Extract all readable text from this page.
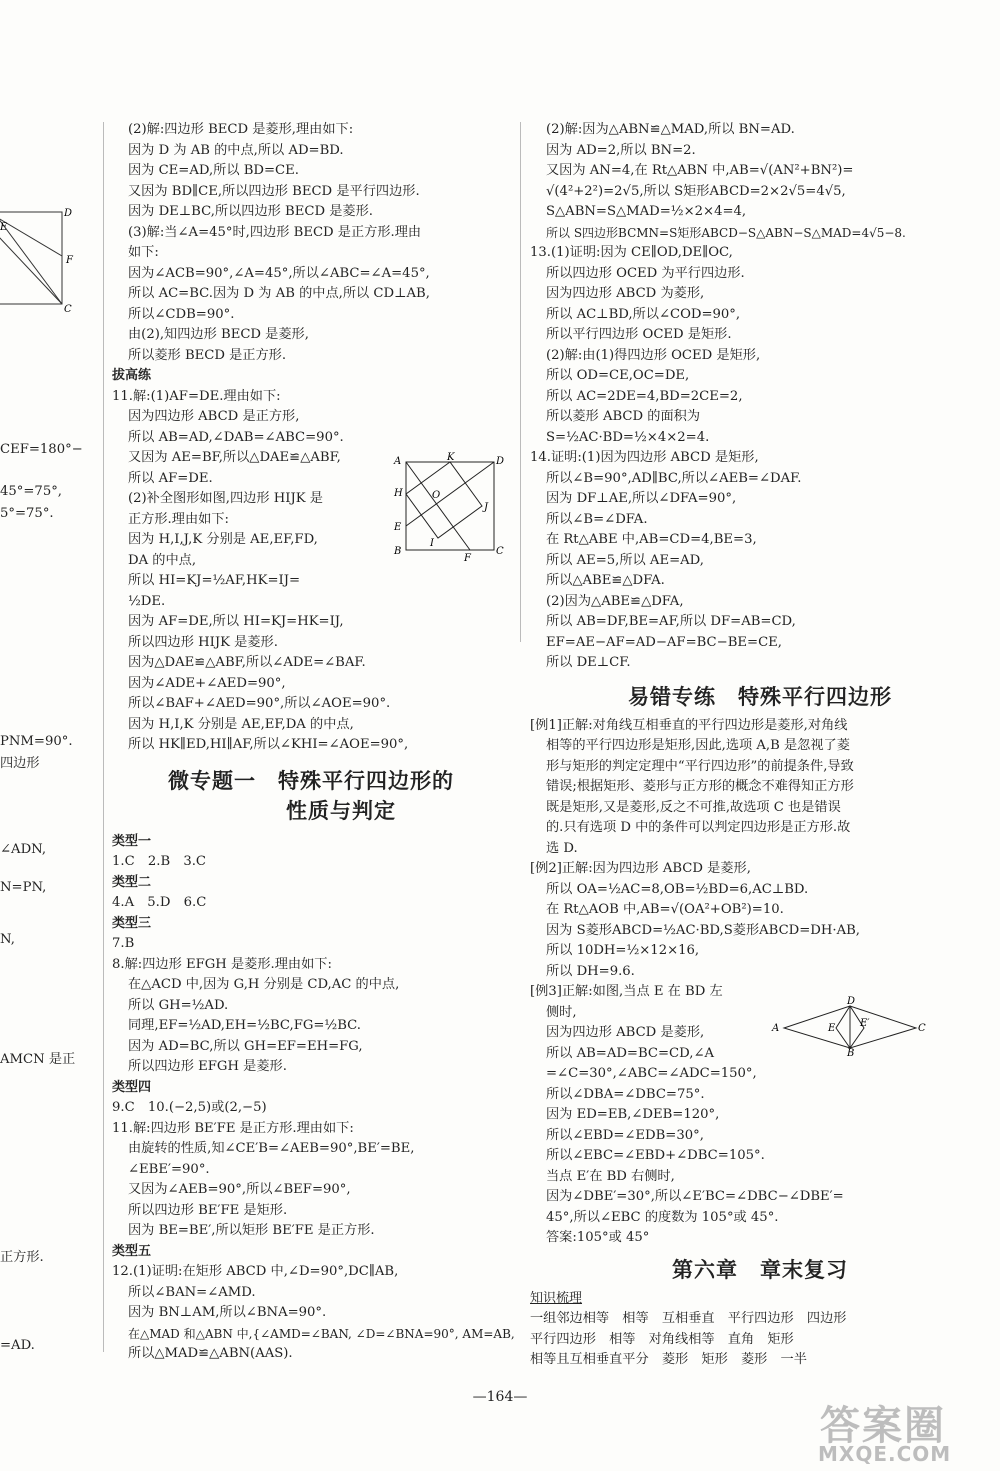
D
F
C
E
CEF=180°−
45°=75°,
5°=75°.
PNM=90°.
四边形
∠ADN,
N=PN,
N,
AMCN 是正
正方形.
=AD.
(2)解:四边形 BECD 是菱形,理由如下:
因为 D 为 AB 的中点,所以 AD=BD.
因为 CE=AD,所以 BD=CE.
又因为 BD∥CE,所以四边形 BECD 是平行四边形.
因为 DE⊥BC,所以四边形 BECD 是菱形.
(3)解:当∠A=45°时,四边形 BECD 是正方形.理由
如下:
因为∠ACB=90°,∠A=45°,所以∠ABC=∠A=45°,
所以 AC=BC.因为 D 为 AB 的中点,所以 CD⊥AB,
所以∠CDB=90°.
由(2),知四边形 BECD 是菱形,
所以菱形 BECD 是正方形.
拔高练
11.解:(1)AF=DE.理由如下:
因为四边形 ABCD 是正方形,
所以 AB=AD,∠DAB=∠ABC=90°.
又因为 AE=BF,所以△DAE≌△ABF,
所以 AF=DE.
(2)补全图形如图,四边形 HIJK 是
正方形.理由如下:
因为 H,I,J,K 分别是 AE,EF,FD,
DA 的中点,
所以 HI=KJ=½AF,HK=IJ=
½DE.
因为 AF=DE,所以 HI=KJ=HK=IJ,
所以四边形 HIJK 是菱形.
因为△DAE≌△ABF,所以∠ADE=∠BAF.
因为∠ADE+∠AED=90°,
所以∠BAF+∠AED=90°,所以∠AOE=90°.
因为 H,I,K 分别是 AE,EF,DA 的中点,
所以 HK∥ED,HI∥AF,所以∠KHI=∠AOE=90°,
微专题一　特殊平行四边形的
性质与判定
类型一
1.C　2.B　3.C
类型二
4.A　5.D　6.C
类型三
7.B
8.解:四边形 EFGH 是菱形.理由如下:
在△ACD 中,因为 G,H 分别是 CD,AC 的中点,
所以 GH=½AD.
同理,EF=½AD,EH=½BC,FG=½BC.
因为 AD=BC,所以 GH=EF=EH=FG,
所以四边形 EFGH 是菱形.
类型四
9.C　10.(−2,5)或(2,−5)
11.解:四边形 BE′FE 是正方形.理由如下:
由旋转的性质,知∠CE′B=∠AEB=90°,BE′=BE,
∠EBE′=90°.
又因为∠AEB=90°,所以∠BEF=90°,
所以四边形 BE′FE 是矩形.
因为 BE=BE′,所以矩形 BE′FE 是正方形.
类型五
12.(1)证明:在矩形 ABCD 中,∠D=90°,DC∥AB,
所以∠BAN=∠AMD.
因为 BN⊥AM,所以∠BNA=90°.
在△MAD 和△ABN 中,{∠AMD=∠BAN, ∠D=∠BNA=90°, AM=AB,
所以△MAD≌△ABN(AAS).
A	K	D
H	O
J
E
B
I
F
C
(2)解:因为△ABN≌△MAD,所以 BN=AD.
因为 AD=2,所以 BN=2.
又因为 AN=4,在 Rt△ABN 中,AB=√(AN²+BN²)=
√(4²+2²)=2√5,所以 S矩形ABCD=2×2√5=4√5,
S△ABN=S△MAD=½×2×4=4,
所以 S四边形BCMN=S矩形ABCD−S△ABN−S△MAD=4√5−8.
13.(1)证明:因为 CE∥OD,DE∥OC,
所以四边形 OCED 为平行四边形.
因为四边形 ABCD 为菱形,
所以 AC⊥BD,所以∠COD=90°,
所以平行四边形 OCED 是矩形.
(2)解:由(1)得四边形 OCED 是矩形,
所以 OD=CE,OC=DE,
所以 AC=2DE=4,BD=2CE=2,
所以菱形 ABCD 的面积为
S=½AC·BD=½×4×2=4.
14.证明:(1)因为四边形 ABCD 是矩形,
所以∠B=90°,AD∥BC,所以∠AEB=∠DAF.
因为 DF⊥AE,所以∠DFA=90°,
所以∠B=∠DFA.
在 Rt△ABE 中,AB=CD=4,BE=3,
所以 AE=5,所以 AE=AD,
所以△ABE≌△DFA.
(2)因为△ABE≌△DFA,
所以 AB=DF,BE=AF,所以 DF=AB=CD,
EF=AE−AF=AD−AF=BC−BE=CE,
所以 DE⊥CF.
易错专练　特殊平行四边形
[例1]正解:对角线互相垂直的平行四边形是菱形,对角线
相等的平行四边形是矩形,因此,选项 A,B 是忽视了菱
形与矩形的判定定理中“平行四边形”的前提条件,导致
错误;根据矩形、菱形与正方形的概念不难得知正方形
既是矩形,又是菱形,反之不可推,故选项 C 也是错误
的.只有选项 D 中的条件可以判定四边形是正方形.故
选 D.
[例2]正解:因为四边形 ABCD 是菱形,
所以 OA=½AC=8,OB=½BD=6,AC⊥BD.
在 Rt△AOB 中,AB=√(OA²+OB²)=10.
因为 S菱形ABCD=½AC·BD,S菱形ABCD=DH·AB,
所以 10DH=½×12×16,
所以 DH=9.6.
[例3]正解:如图,当点 E 在 BD 左
侧时,
因为四边形 ABCD 是菱形,
所以 AB=AD=BC=CD,∠A
=∠C=30°,∠ABC=∠ADC=150°,
所以∠DBA=∠DBC=75°.
因为 ED=EB,∠DEB=120°,
所以∠EBD=∠EDB=30°,
所以∠EBC=∠EBD+∠DBC=105°.
当点 E′在 BD 右侧时,
因为∠DBE′=30°,所以∠E′BC=∠DBC−∠DBE′=
45°,所以∠EBC 的度数为 105°或 45°.
答案:105°或 45°
第六章　章末复习
知识梳理
一组邻边相等　相等　互相垂直　平行四边形　四边形
平行四边形　相等　对角线相等　直角　矩形
相等且互相垂直平分　菱形　矩形　菱形　一半
A
D
E E′	C
B
—164—
答案圈
MXQE.COM
